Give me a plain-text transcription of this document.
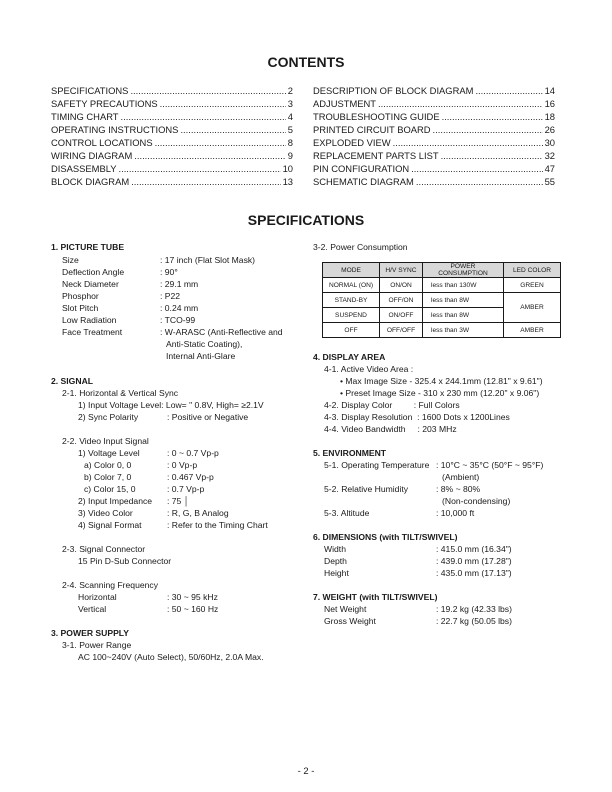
CONTENTS
SPECIFICATIONS .....	2
SAFETY PRECAUTIONS .....	3
TIMING CHART .....	4
OPERATING INSTRUCTIONS .....	5
CONTROL LOCATIONS .....	8
WIRING DIAGRAM .....	9
DISASSEMBLY .....	10
BLOCK DIAGRAM .....	13
DESCRIPTION OF BLOCK DIAGRAM .....	14
ADJUSTMENT .....	16
TROUBLESHOOTING GUIDE .....	18
PRINTED CIRCUIT BOARD .....	26
EXPLODED VIEW .....	30
REPLACEMENT PARTS LIST .....	32
PIN CONFIGURATION .....	47
SCHEMATIC DIAGRAM .....	55
SPECIFICATIONS
1. PICTURE TUBE
Size	: 17 inch (Flat Slot Mask)
Deflection Angle	: 90°
Neck Diameter	: 29.1 mm
Phosphor	: P22
Slot Pitch	: 0.24 mm
Low Radiation	: TCO-99
Face Treatment	: W-ARASC (Anti-Reflective and
Anti-Static Coating),
Internal Anti-Glare
2. SIGNAL
2-1. Horizontal & Vertical Sync
1) Input Voltage Level: Low= " 0.8V, High= ≥2.1V
2) Sync Polarity	: Positive or Negative
2-2. Video Input Signal
1) Voltage Level	: 0 ~ 0.7 Vp-p
a) Color 0, 0	: 0 Vp-p
b) Color 7, 0	: 0.467 Vp-p
c) Color 15, 0	: 0.7 Vp-p
2) Input Impedance : 75 │
3) Video Color	: R, G, B Analog
4) Signal Format	: Refer to the Timing Chart
2-3. Signal Connector
15 Pin D-Sub Connector
2-4. Scanning Frequency
Horizontal	: 30 ~ 95 kHz
Vertical	: 50 ~ 160 Hz
3. POWER SUPPLY
3-1. Power Range
AC 100~240V (Auto Select), 50/60Hz, 2.0A Max.
3-2. Power Consumption
MODE	H/V SYNC	POWER CONSUMPTION	LED COLOR
NORMAL (ON)	ON/ON	less than 130W	GREEN
STAND-BY	OFF/ON	less than 8W	AMBER
SUSPEND	ON/OFF	less than 8W	
OFF	OFF/OFF	less than 3W	AMBER
4. DISPLAY AREA
4-1. Active Video Area :
• Max Image Size - 325.4 x 244.1mm (12.81" x 9.61")
• Preset Image Size - 310 x 230 mm (12.20" x 9.06")
4-2. Display Color         : Full Colors
4-3. Display Resolution  : 1600 Dots x 1200Lines
4-4. Video Bandwidth     : 203 MHz
5. ENVIRONMENT
5-1. Operating Temperature : 10°C ~ 35°C (50°F ~ 95°F)
(Ambient)
5-2. Relative Humidity	: 8% ~ 80%
(Non-condensing)
5-3. Altitude	: 10,000 ft
6. DIMENSIONS (with TILT/SWIVEL)
Width	: 415.0 mm (16.34")
Depth	: 439.0 mm (17.28")
Height	: 435.0 mm (17.13")
7. WEIGHT (with TILT/SWIVEL)
Net Weight	: 19.2 kg (42.33 lbs)
Gross Weight	: 22.7 kg (50.05 lbs)
- 2 -
